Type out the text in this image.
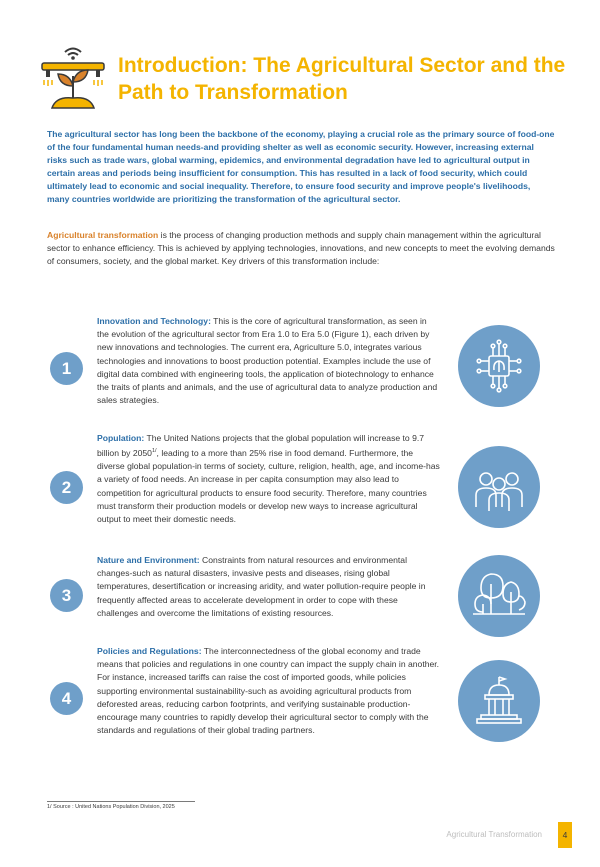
Introduction: The Agricultural Sector and the Path to Transformation

The agricultural sector has long been the backbone of the economy, playing a crucial role as the primary source of food-one of the four fundamental human needs-and providing shelter as well as economic security. However, increasing external risks such as trade wars, global warming, epidemics, and environmental degradation have led to agricultural output in certain areas and periods being insufficient for consumption. This has resulted in a lack of food security, which could ultimately lead to economic and social inequality. Therefore, to ensure food security and improve people's livelihoods, many countries worldwide are prioritizing the transformation of the agricultural sector.

Agricultural transformation is the process of changing production methods and supply chain management within the agricultural sector to enhance efficiency. This is achieved by applying technologies, innovations, and new concepts to meet the evolving demands of consumers, society, and the global market. Key drivers of this transformation include:

1

Innovation and Technology: This is the core of agricultural transformation, as seen in the evolution of the agricultural sector from Era 1.0 to Era 5.0 (Figure 1), each driven by new innovations and technologies. The current era, Agriculture 5.0, integrates various technologies and innovations to boost production potential. Examples include the use of digital data combined with engineering tools, the application of biotechnology to enhance the traits of plants and animals, and the use of agricultural data to analyze production and sales strategies.

2

Population: The United Nations projects that the global population will increase to 9.7 billion by $2050^{1/}$, leading to a more than 25% rise in food demand. Furthermore, the diverse global population-in terms of society, culture, religion, health, age, and income-has a variety of food needs. An increase in per capita consumption may also lead to competition for agricultural products to ensure food security. Therefore, many countries must transform their production models or develop new ways to increase agricultural output to meet their domestic needs.

3

Nature and Environment: Constraints from natural resources and environmental changes-such as natural disasters, invasive pests and diseases, rising global temperatures, desertification or increasing aridity, and water pollution-require people in frequently affected areas to accelerate development in order to cope with these challenges and overcome the limitations of existing resources.

4

Policies and Regulations: The interconnectedness of the global economy and trade means that policies and regulations in one country can impact the supply chain in another. For instance, increased tariffs can raise the cost of imported goods, while policies supporting environmental sustainability-such as avoiding agricultural products from deforested areas, reducing carbon footprints, and verifying sustainable production-encourage many countries to rapidly develop their agricultural sector to comply with the standards and regulations of their global trading partners.

1/ Source : United Nations Population Division, 2025
Agricultural Transformation	4
